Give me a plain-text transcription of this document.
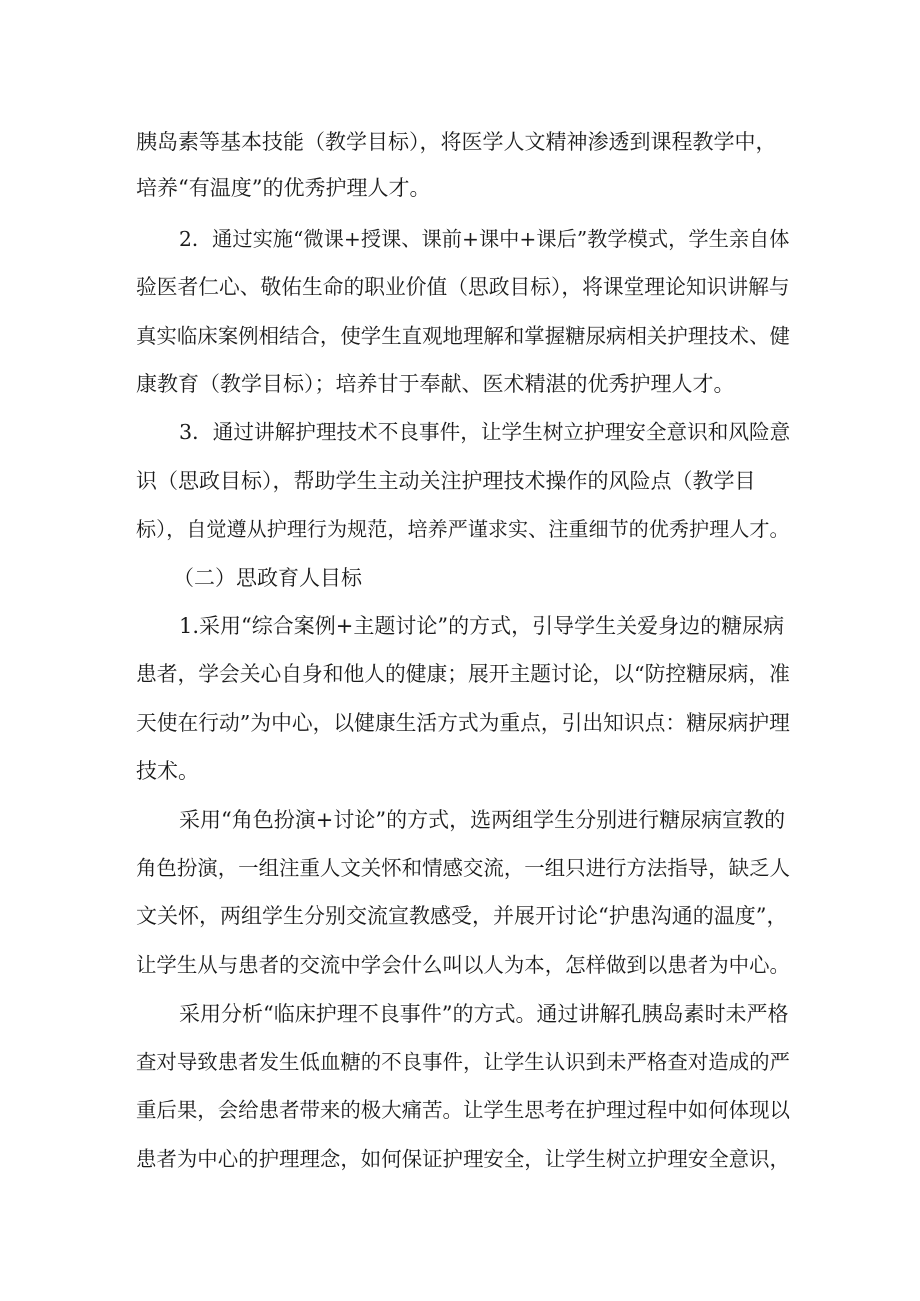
胰岛素等基本技能（教学目标），将医学人文精神渗透到课程教学中，
培养“有温度”的优秀护理人才。
2．通过实施“微课+授课、课前+课中+课后”教学模式，学生亲自体
验医者仁心、敬佑生命的职业价值（思政目标），将课堂理论知识讲解与
真实临床案例相结合，使学生直观地理解和掌握糖尿病相关护理技术、健
康教育（教学目标）；培养甘于奉献、医术精湛的优秀护理人才。
3．通过讲解护理技术不良事件，让学生树立护理安全意识和风险意
识（思政目标），帮助学生主动关注护理技术操作的风险点（教学目
标），自觉遵从护理行为规范，培养严谨求实、注重细节的优秀护理人才。
（二）思政育人目标
1.采用“综合案例+主题讨论”的方式，引导学生关爱身边的糖尿病
患者，学会关心自身和他人的健康；展开主题讨论，以“防控糖尿病，准
天使在行动”为中心，以健康生活方式为重点，引出知识点：糖尿病护理
技术。
采用“角色扮演+讨论”的方式，选两组学生分别进行糖尿病宣教的
角色扮演，一组注重人文关怀和情感交流，一组只进行方法指导，缺乏人
文关怀，两组学生分别交流宣教感受，并展开讨论“护患沟通的温度”，
让学生从与患者的交流中学会什么叫以人为本，怎样做到以患者为中心。
采用分析“临床护理不良事件”的方式。通过讲解孔胰岛素时未严格
查对导致患者发生低血糖的不良事件，让学生认识到未严格查对造成的严
重后果，会给患者带来的极大痛苦。让学生思考在护理过程中如何体现以
患者为中心的护理理念，如何保证护理安全，让学生树立护理安全意识，
